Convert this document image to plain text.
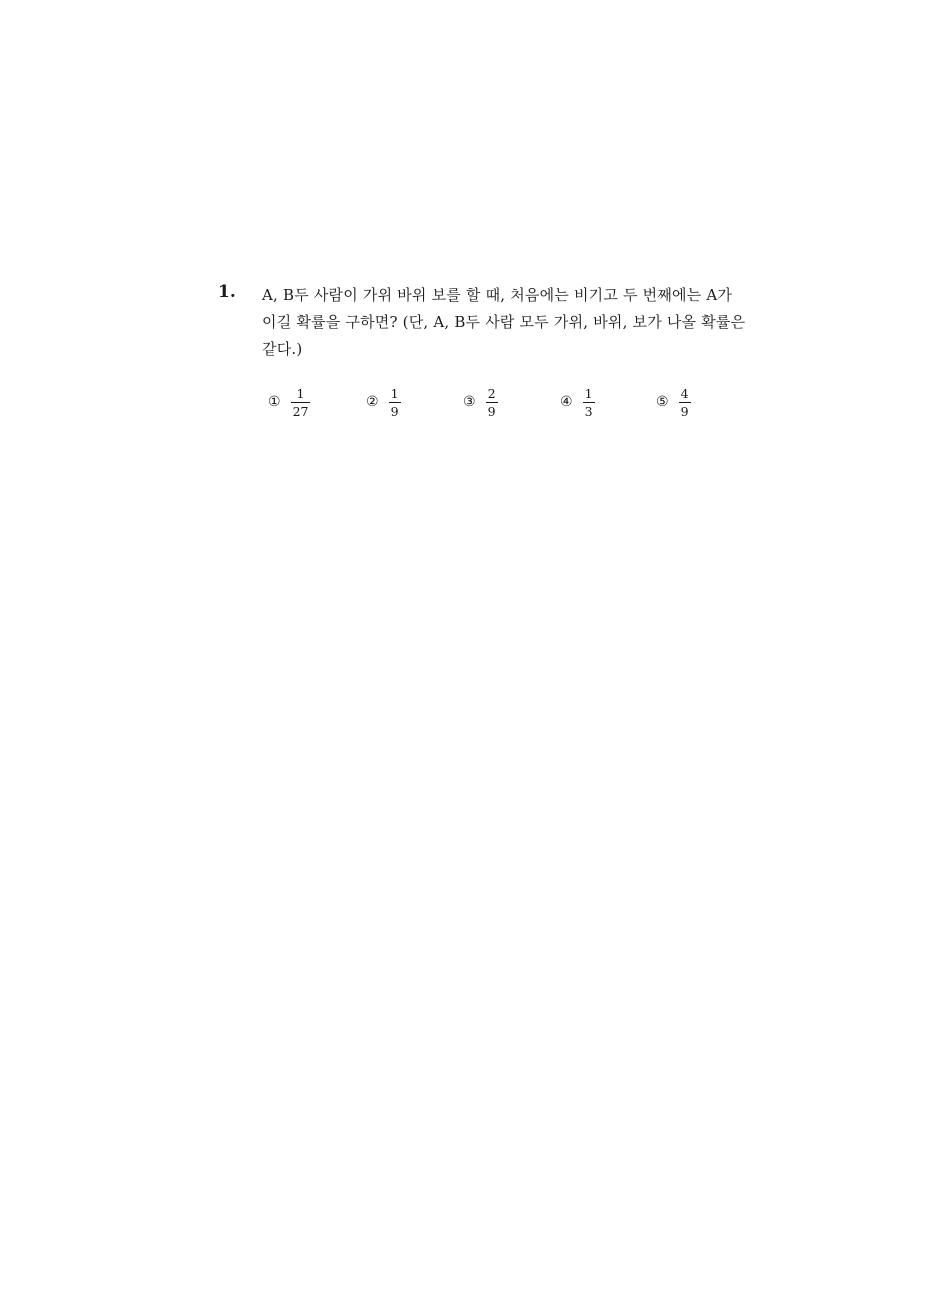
1. A, B두 사람이 가위 바위 보를 할 때, 처음에는 비기고 두 번째에는 A가
이길 확률을 구하면? (단, A, B두 사람 모두 가위, 바위, 보가 나올 확률은
같다.)
① $\frac{1}{27}$	② $\frac{1}{9}$	③ $\frac{2}{9}$	④ $\frac{1}{3}$	⑤ $\frac{4}{9}$
